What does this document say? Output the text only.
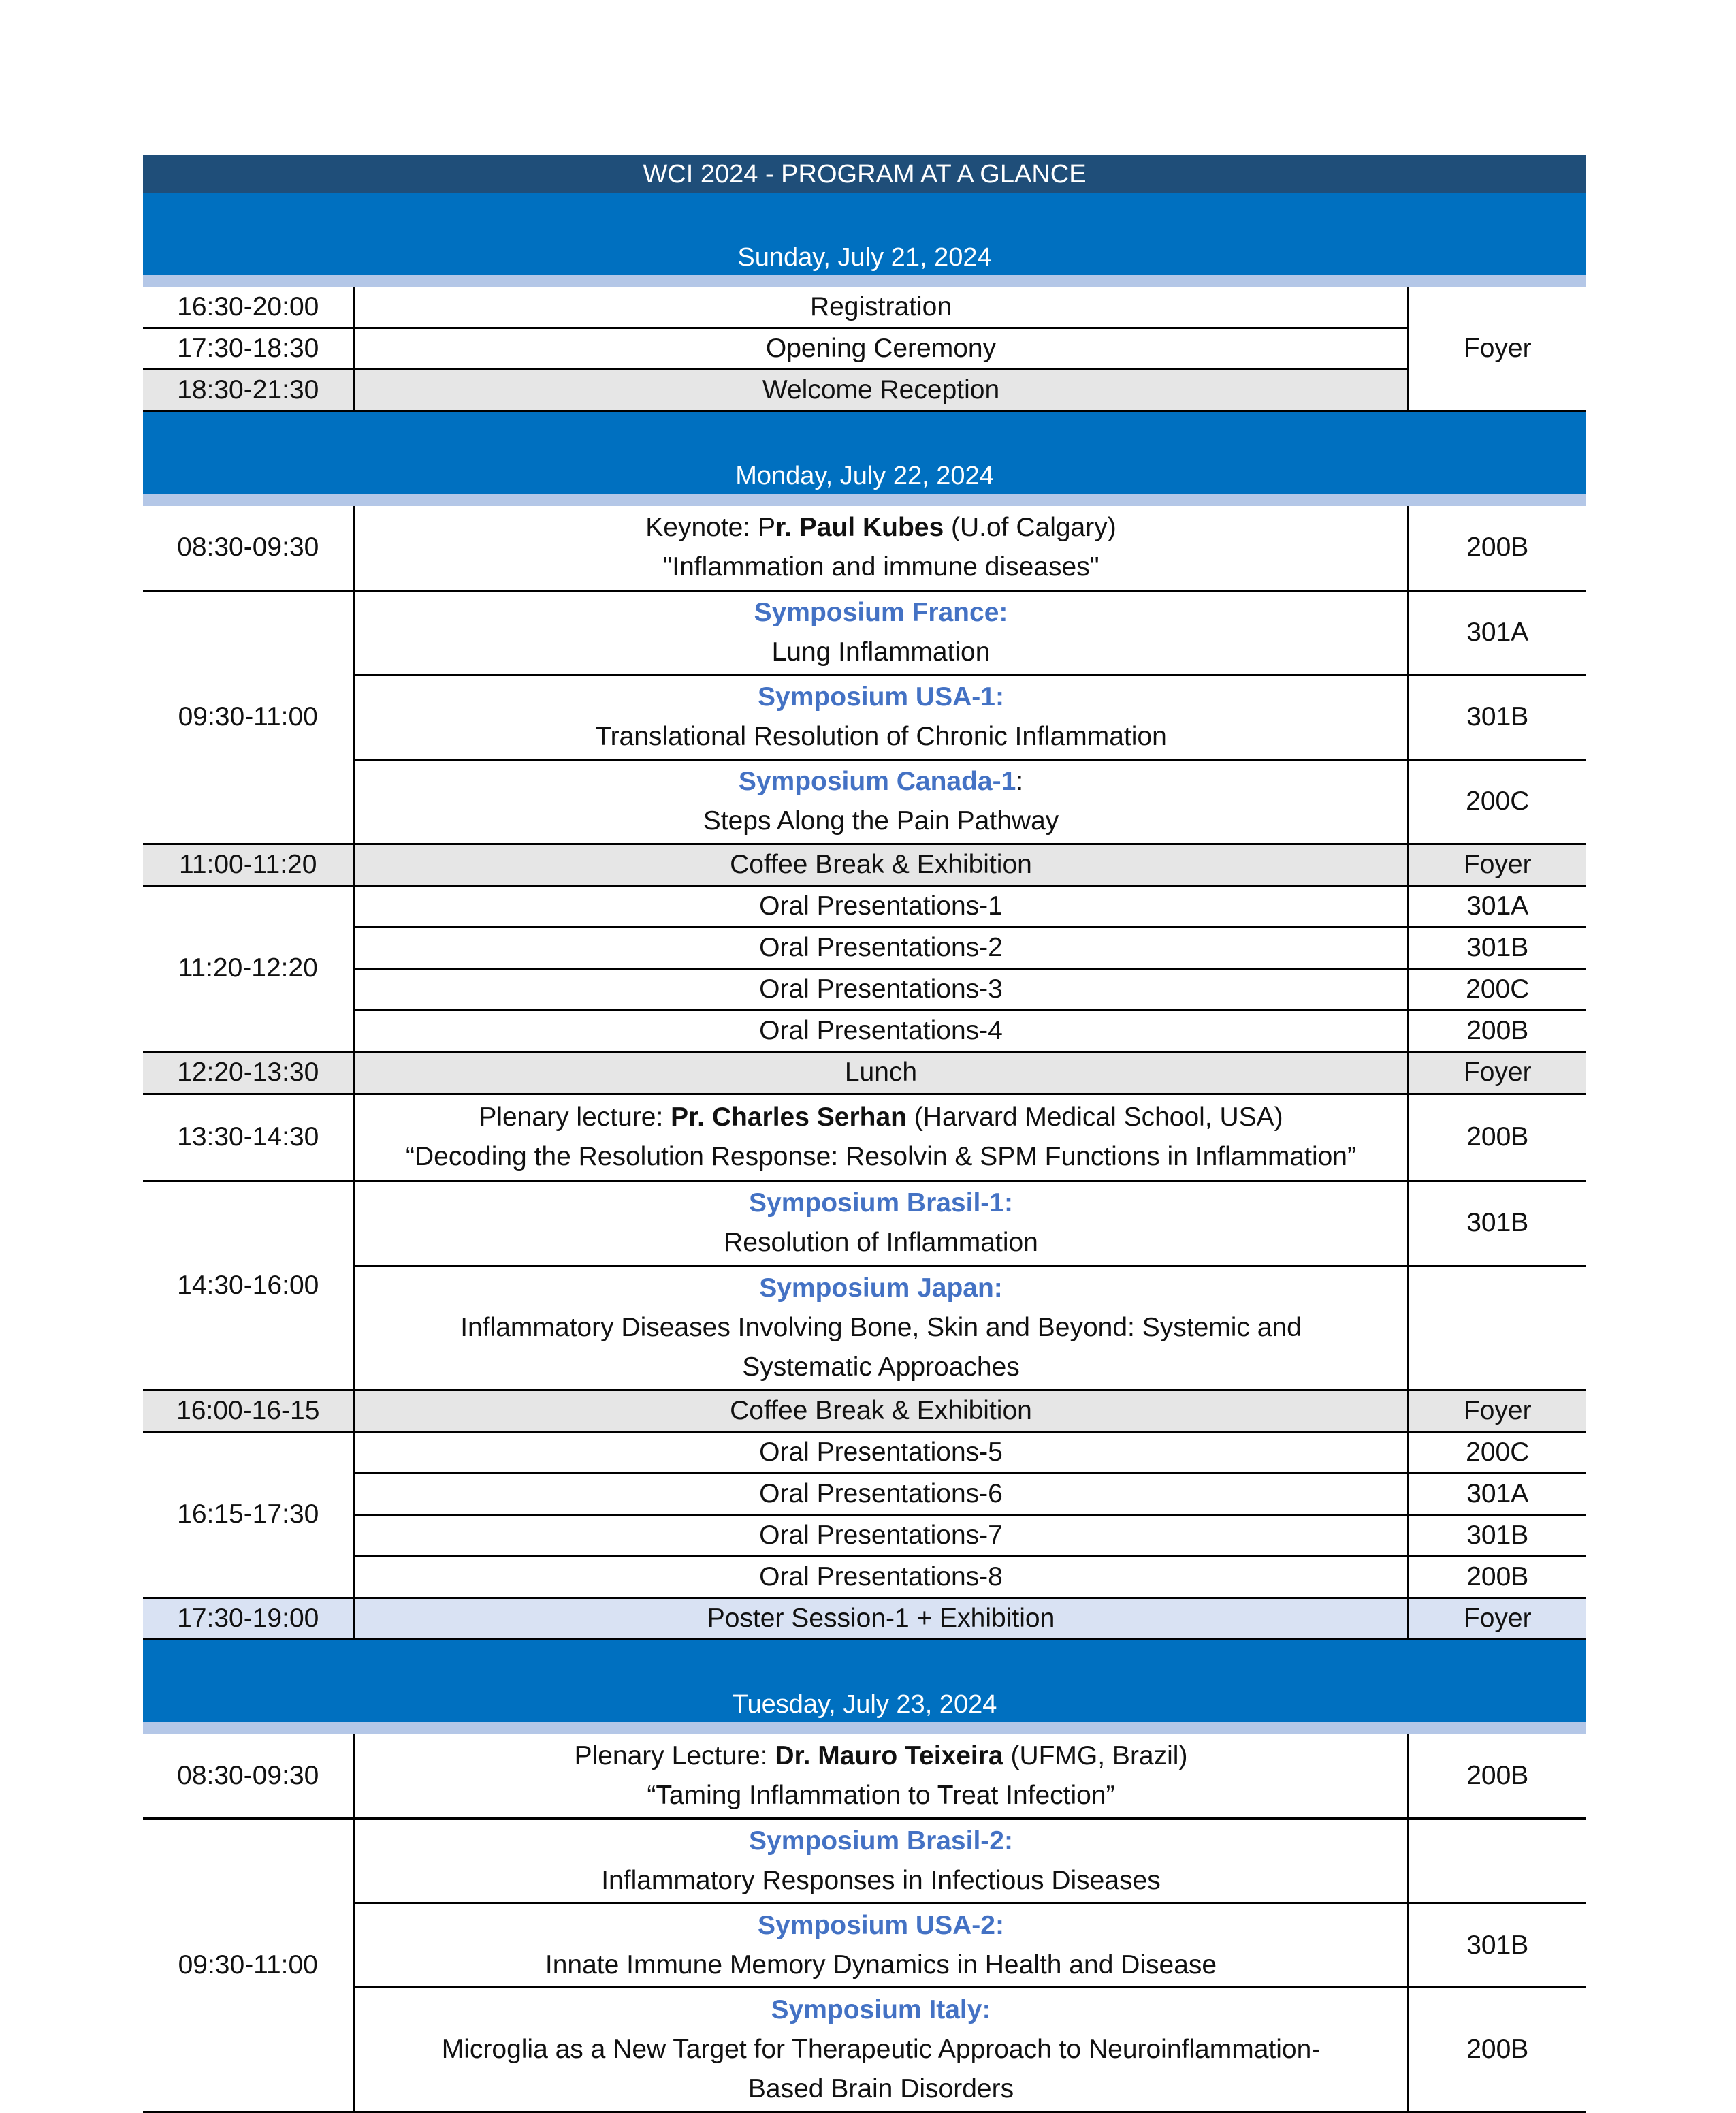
WCI 2024 - PROGRAM AT A GLANCE
Sunday, July 21, 2024
16:30-20:00	Registration	Foyer
17:30-18:30	Opening Ceremony	
18:30-21:30	Welcome Reception	
Monday, July 22, 2024
08:30-09:30	Keynote: Pr. Paul Kubes (U.of Calgary)
"Inflammation and immune diseases"	200B
09:30-11:00	Symposium France:
Lung Inflammation	301A

	Symposium USA-1:
Translational Resolution of Chronic Inflammation	301B

	Symposium Canada-1:
Steps Along the Pain Pathway	200C
11:00-11:20	Coffee Break & Exhibition	Foyer
11:20-12:20	Oral Presentations-1	301A
	Oral Presentations-2	301B
	Oral Presentations-3	200C
	Oral Presentations-4	200B
12:20-13:30	Lunch	Foyer
13:30-14:30	Plenary lecture: Pr. Charles Serhan (Harvard Medical School, USA)
“Decoding the Resolution Response: Resolvin & SPM Functions in Inflammation”	200B
14:30-16:00	Symposium Brasil-1:
Resolution of Inflammation	301B

	Symposium Japan:
Inflammatory Diseases Involving Bone, Skin and Beyond: Systemic and
Systematic Approaches	

16:00-16-15	Coffee Break & Exhibition	Foyer
16:15-17:30	Oral Presentations-5	200C
	Oral Presentations-6	301A
	Oral Presentations-7	301B
	Oral Presentations-8	200B
17:30-19:00	Poster Session-1 + Exhibition	Foyer
Tuesday, July 23, 2024
08:30-09:30	Plenary Lecture: Dr. Mauro Teixeira (UFMG, Brazil)
“Taming Inflammation to Treat Infection”	200B
09:30-11:00	Symposium Brasil-2:
Inflammatory Responses in Infectious Diseases	

	Symposium USA-2:
Innate Immune Memory Dynamics in Health and Disease	301B

	Symposium Italy:
Microglia as a New Target for Therapeutic Approach to Neuroinflammation-
Based Brain Disorders	200B
